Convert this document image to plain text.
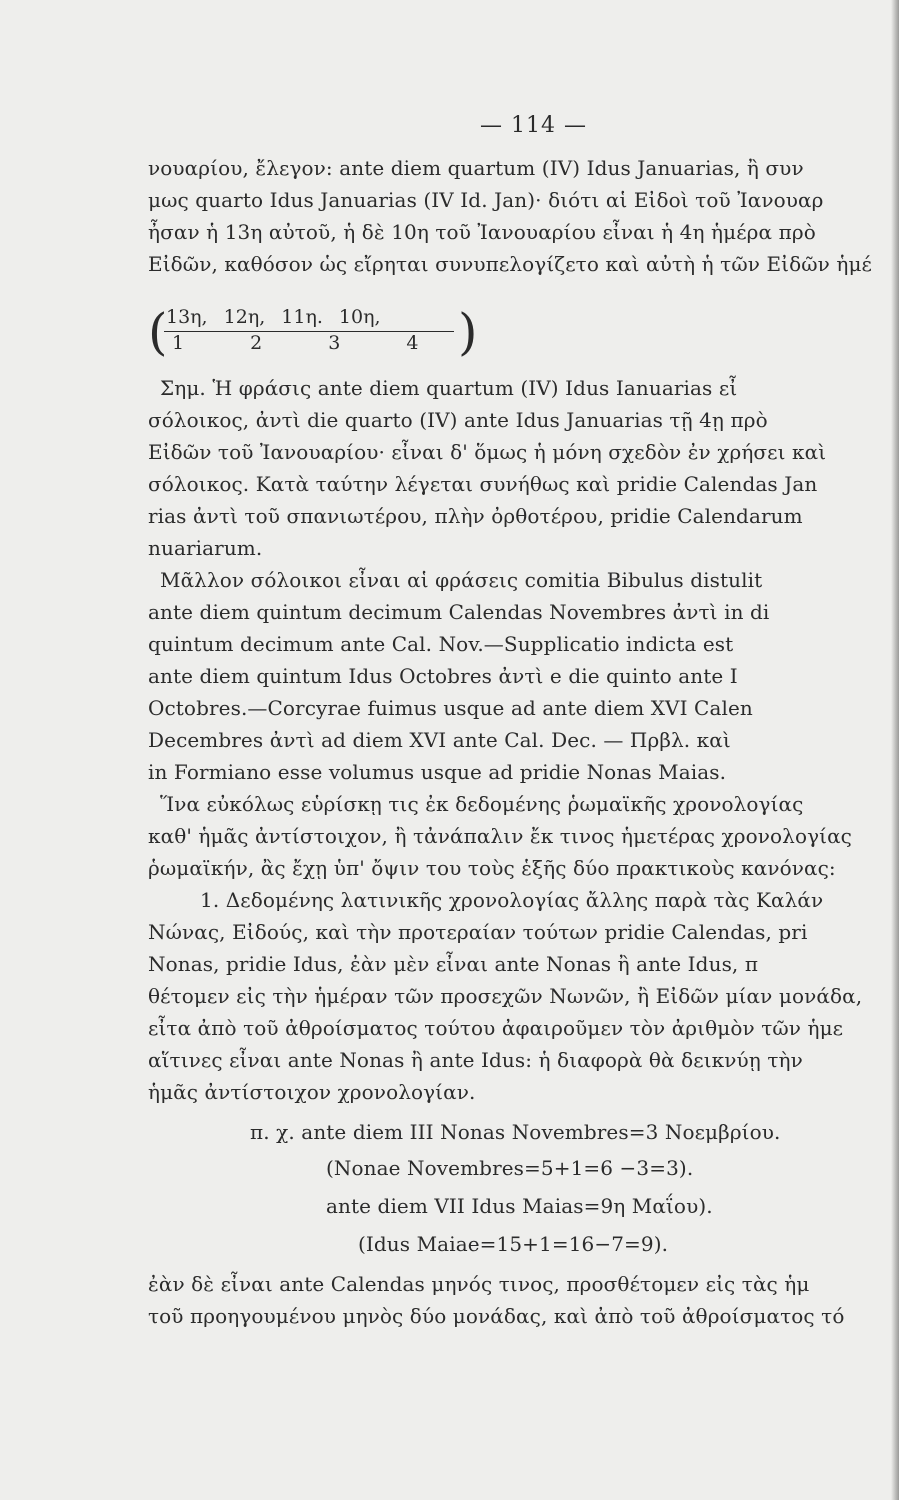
— 114 —
νουαρίου, ἔλεγον: ante diem quartum (IV) Idus Januarias, ἢ συν
μως quarto Idus Januarias (IV Id. Jan)· διότι αἱ Εἰδοὶ τοῦ Ἰανουαρ
ἦσαν ἡ 13η αὐτοῦ, ἡ δὲ 10η τοῦ Ἰανουαρίου εἶναι ἡ 4η ἡμέρα πρὸ
Εἰδῶν, καθόσον ὡς εἴρηται συνυπελογίζετο καὶ αὐτὴ ἡ τῶν Εἰδῶν ἡμέ
(
13η, 12η, 11η. 10η,
1 2 3 4 )
Σημ. Ἡ φράσις ante diem quartum (IV) Idus Ianuarias εἶ
σόλοικος, ἀντὶ die quarto (IV) ante Idus Januarias τῇ 4ῃ πρὸ
Εἰδῶν τοῦ Ἰανουαρίου· εἶναι δ' ὅμως ἡ μόνη σχεδὸν ἐν χρήσει καὶ
σόλοικος. Κατὰ ταύτην λέγεται συνήθως καὶ pridie Calendas Jan
rias ἀντὶ τοῦ σπανιωτέρου, πλὴν ὀρθοτέρου, pridie Calendarum
nuariarum.
Μᾶλλον σόλοικοι εἶναι αἱ φράσεις comitia Bibulus distulit
ante diem quintum decimum Calendas Novembres ἀντὶ in di
quintum decimum ante Cal. Nov.—Supplicatio indicta est
ante diem quintum Idus Octobres ἀντὶ e die quinto ante I
Octobres.—Corcyrae fuimus usque ad ante diem XVI Calen
Decembres ἀντὶ ad diem XVI ante Cal. Dec. — Πρβλ. καὶ
in Formiano esse volumus usque ad pridie Nonas Maias.
Ἵνα εὐκόλως εὑρίσκῃ τις ἐκ δεδομένης ῥωμαϊκῆς χρονολογίας
καθ' ἡμᾶς ἀντίστοιχον, ἢ τἀνάπαλιν ἔκ τινος ἡμετέρας χρονολογίας
ῥωμαϊκήν, ἂς ἔχῃ ὑπ' ὄψιν του τοὺς ἑξῆς δύο πρακτικοὺς κανόνας:
1. Δεδομένης λατινικῆς χρονολογίας ἄλλης παρὰ τὰς Καλάν
Νώνας, Εἰδούς, καὶ τὴν προτεραίαν τούτων pridie Calendas, pri
Nonas, pridie Idus, ἐὰν μὲν εἶναι ante Nonas ἢ ante Idus, π
θέτομεν εἰς τὴν ἡμέραν τῶν προσεχῶν Νωνῶν, ἢ Εἰδῶν μίαν μονάδα,
εἶτα ἀπὸ τοῦ ἀθροίσματος τούτου ἀφαιροῦμεν τὸν ἀριθμὸν τῶν ἡμε
αἵτινες εἶναι ante Nonas ἢ ante Idus: ἡ διαφορὰ θὰ δεικνύῃ τὴν
ἡμᾶς ἀντίστοιχον χρονολογίαν.
π. χ. ante diem III Nonas Novembres=3 Νοεμβρίου.
(Nonae Novembres=5+1=6 −3=3).
ante diem VII Idus Maias=9η Μαΐου).
(Idus Maiae=15+1=16−7=9).
ἐὰν δὲ εἶναι ante Calendas μηνός τινος, προσθέτομεν εἰς τὰς ἡμ
τοῦ προηγουμένου μηνὸς δύο μονάδας, καὶ ἀπὸ τοῦ ἀθροίσματος τό
